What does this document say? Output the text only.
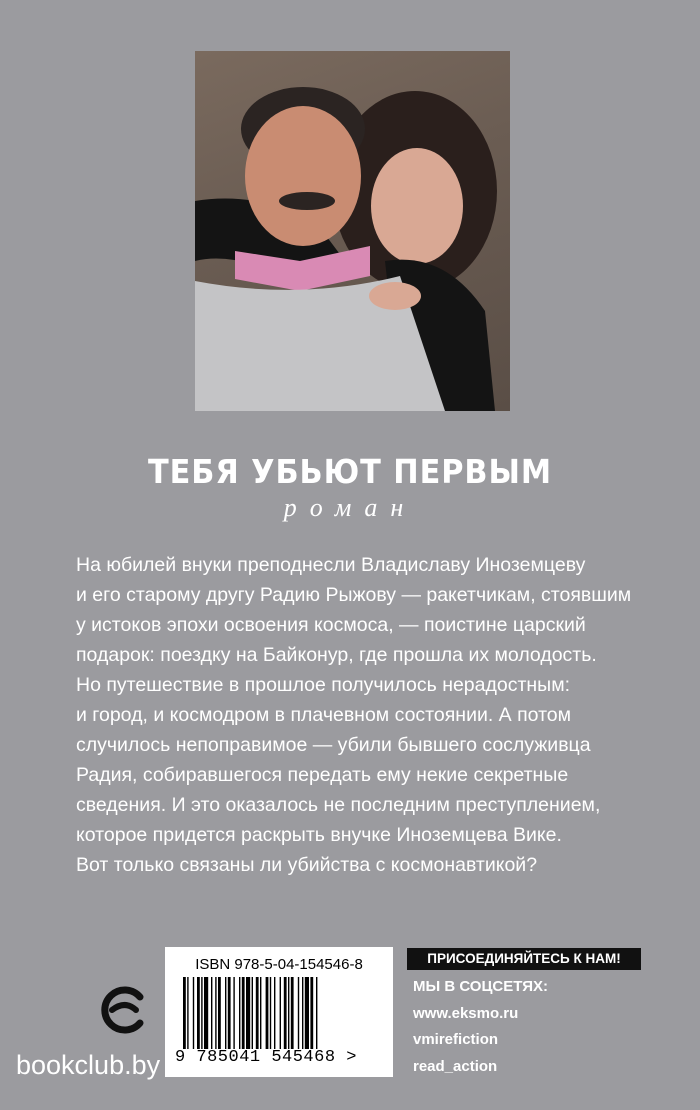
ТЕБЯ УБЬЮТ ПЕРВЫМ
роман
На юбилей внуки преподнесли Владиславу Иноземцеву
и его старому другу Радию Рыжову — ракетчикам, стоявшим
у истоков эпохи освоения космоса, — поистине царский
подарок: поездку на Байконур, где прошла их молодость.
Но путешествие в прошлое получилось нерадостным:
и город, и космодром в плачевном состоянии. А потом
случилось непоправимое — убили бывшего сослуживца
Радия, собиравшегося передать ему некие секретные
сведения. И это оказалось не последним преступлением,
которое придется раскрыть внучке Иноземцева Вике.
Вот только связаны ли убийства с космонавтикой?
ISBN 978-5-04-154546-8
9 785041 545468 >
ПРИСОЕДИНЯЙТЕСЬ К НАМ!
МЫ В СОЦСЕТЯХ:
www.eksmo.ru
vmirefiction
read_action
bookclub.by
